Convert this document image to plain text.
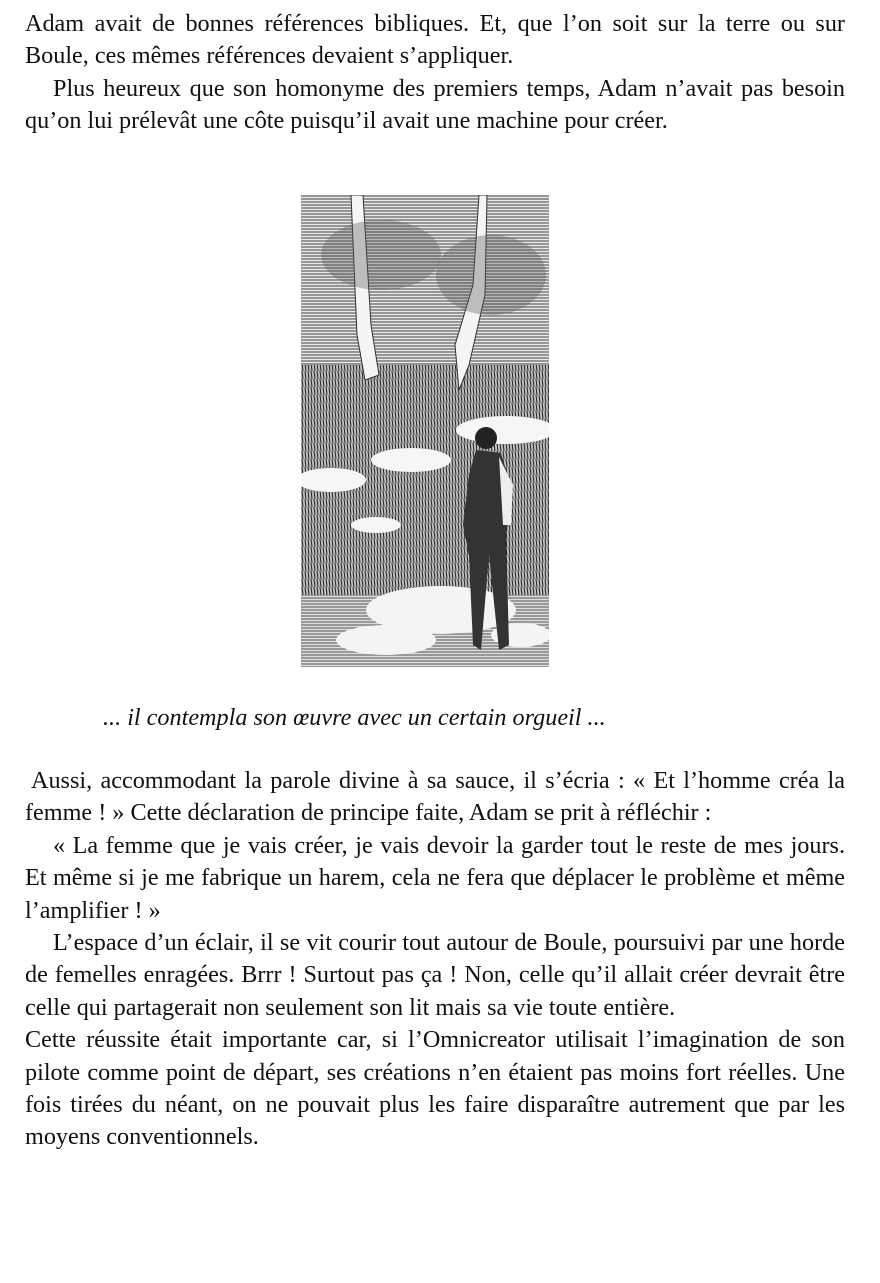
Adam avait de bonnes références bibliques. Et, que l’on soit sur la terre ou sur Boule, ces mêmes références devaient s’appliquer.

Plus heureux que son homonyme des premiers temps, Adam n’avait pas besoin qu’on lui prélevât une côte puisqu’il avait une machine pour créer.

... il contempla son œuvre avec un certain orgueil ...

Aussi, accommodant la parole divine à sa sauce, il s’écria : « Et l’homme créa la femme ! » Cette déclaration de principe faite, Adam se prit à réfléchir :

« La femme que je vais créer, je vais devoir la garder tout le reste de mes jours. Et même si je me fabrique un harem, cela ne fera que déplacer le problème et même l’amplifier ! »

L’espace d’un éclair, il se vit courir tout autour de Boule, poursuivi par une horde de femelles enragées. Brrr ! Surtout pas ça ! Non, celle qu’il allait créer devrait être celle qui partagerait non seulement son lit mais sa vie toute entière.

Cette réussite était importante car, si l’Omnicreator utilisait l’imagination de son pilote comme point de départ, ses créations n’en étaient pas moins fort réelles. Une fois tirées du néant, on ne pouvait plus les faire disparaître autrement que par les moyens conventionnels.
